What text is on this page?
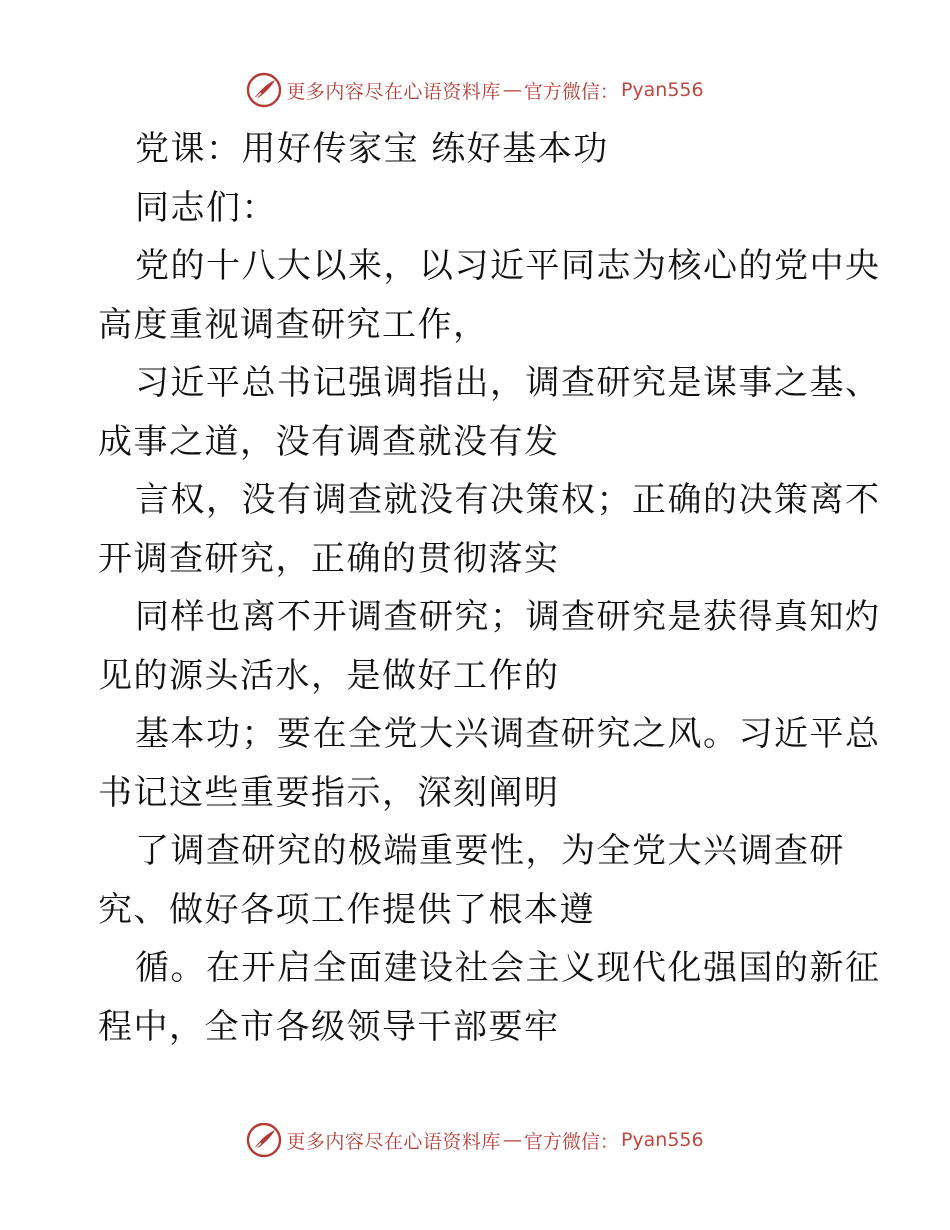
更多内容尽在心语资料库 — 官方微信： Pyan556
党课：用好传家宝 练好基本功
同志们：
党的十八大以来，以习近平同志为核心的党中央
高度重视调查研究工作，
习近平总书记强调指出，调查研究是谋事之基、
成事之道，没有调查就没有发
言权，没有调查就没有决策权；正确的决策离不
开调查研究，正确的贯彻落实
同样也离不开调查研究；调查研究是获得真知灼
见的源头活水，是做好工作的
基本功；要在全党大兴调查研究之风。习近平总
书记这些重要指示，深刻阐明
了调查研究的极端重要性，为全党大兴调查研
究、做好各项工作提供了根本遵
循。在开启全面建设社会主义现代化强国的新征
程中，全市各级领导干部要牢
更多内容尽在心语资料库 — 官方微信： Pyan556
